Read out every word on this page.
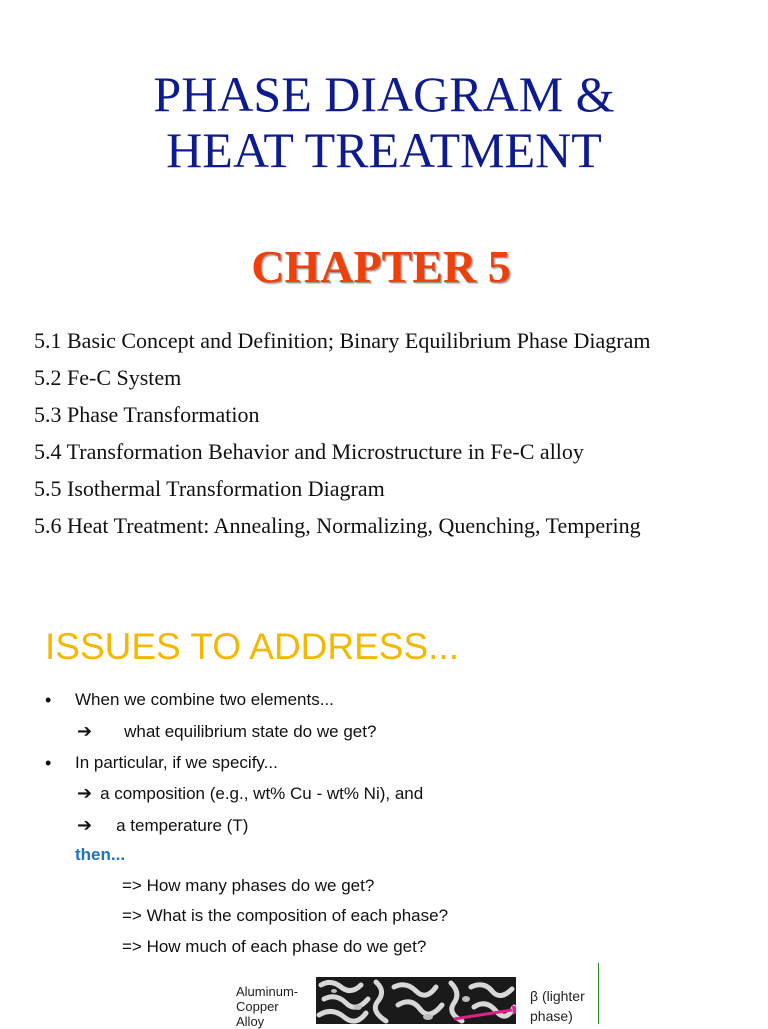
PHASE DIAGRAM &
HEAT TREATMENT
CHAPTER 5
5.1 Basic Concept and Definition; Binary Equilibrium Phase Diagram
5.2 Fe-C System
5.3 Phase Transformation
5.4 Transformation Behavior and Microstructure in Fe-C alloy
5.5 Isothermal Transformation Diagram
5.6 Heat Treatment: Annealing, Normalizing, Quenching, Tempering
ISSUES TO ADDRESS...
• When we combine two elements...
➔ what equilibrium state do we get?
• In particular, if we specify...
➔ a composition (e.g., wt% Cu - wt% Ni), and
➔ a temperature (T)
then...
=> How many phases do we get?
=> What is the composition of each phase?
=> How much of each phase do we get?
Aluminum-
Copper
Alloy
β (lighter
phase)
